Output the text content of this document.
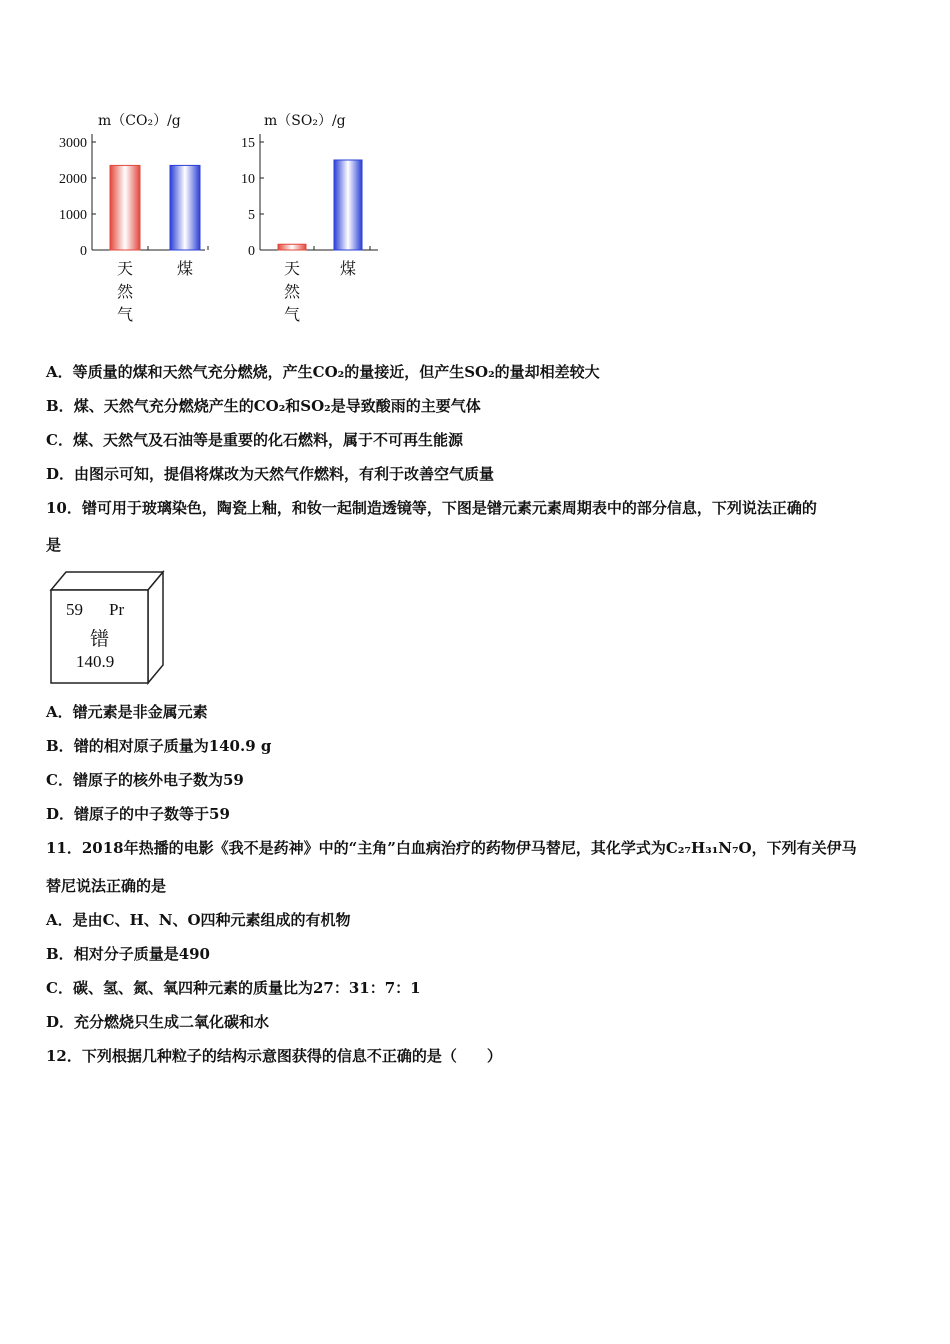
m（CO₂）/g
0
1000
2000
3000
天
然
气
煤
m（SO₂）/g
0
5
10
15
天
然
气
煤
A．等质量的煤和天然气充分燃烧，产生CO₂的量接近，但产生SO₂的量却相差较大
B．煤、天然气充分燃烧产生的CO₂和SO₂是导致酸雨的主要气体
C．煤、天然气及石油等是重要的化石燃料，属于不可再生能源
D．由图示可知，提倡将煤改为天然气作燃料，有利于改善空气质量
10．镨可用于玻璃染色，陶瓷上釉，和钕一起制造透镜等，下图是镨元素元素周期表中的部分信息，下列说法正确的
是
59 Pr
镨
140.9
A．镨元素是非金属元素
B．镨的相对原子质量为140.9 g
C．镨原子的核外电子数为59
D．镨原子的中子数等于59
11．2018年热播的电影《我不是药神》中的“主角”白血病治疗的药物伊马替尼，其化学式为C₂₇H₃₁N₇O，下列有关伊马
替尼说法正确的是
A．是由C、H、N、O四种元素组成的有机物
B．相对分子质量是490
C．碳、氢、氮、氧四种元素的质量比为27：31：7：1
D．充分燃烧只生成二氧化碳和水
12．下列根据几种粒子的结构示意图获得的信息不正确的是（　　）
